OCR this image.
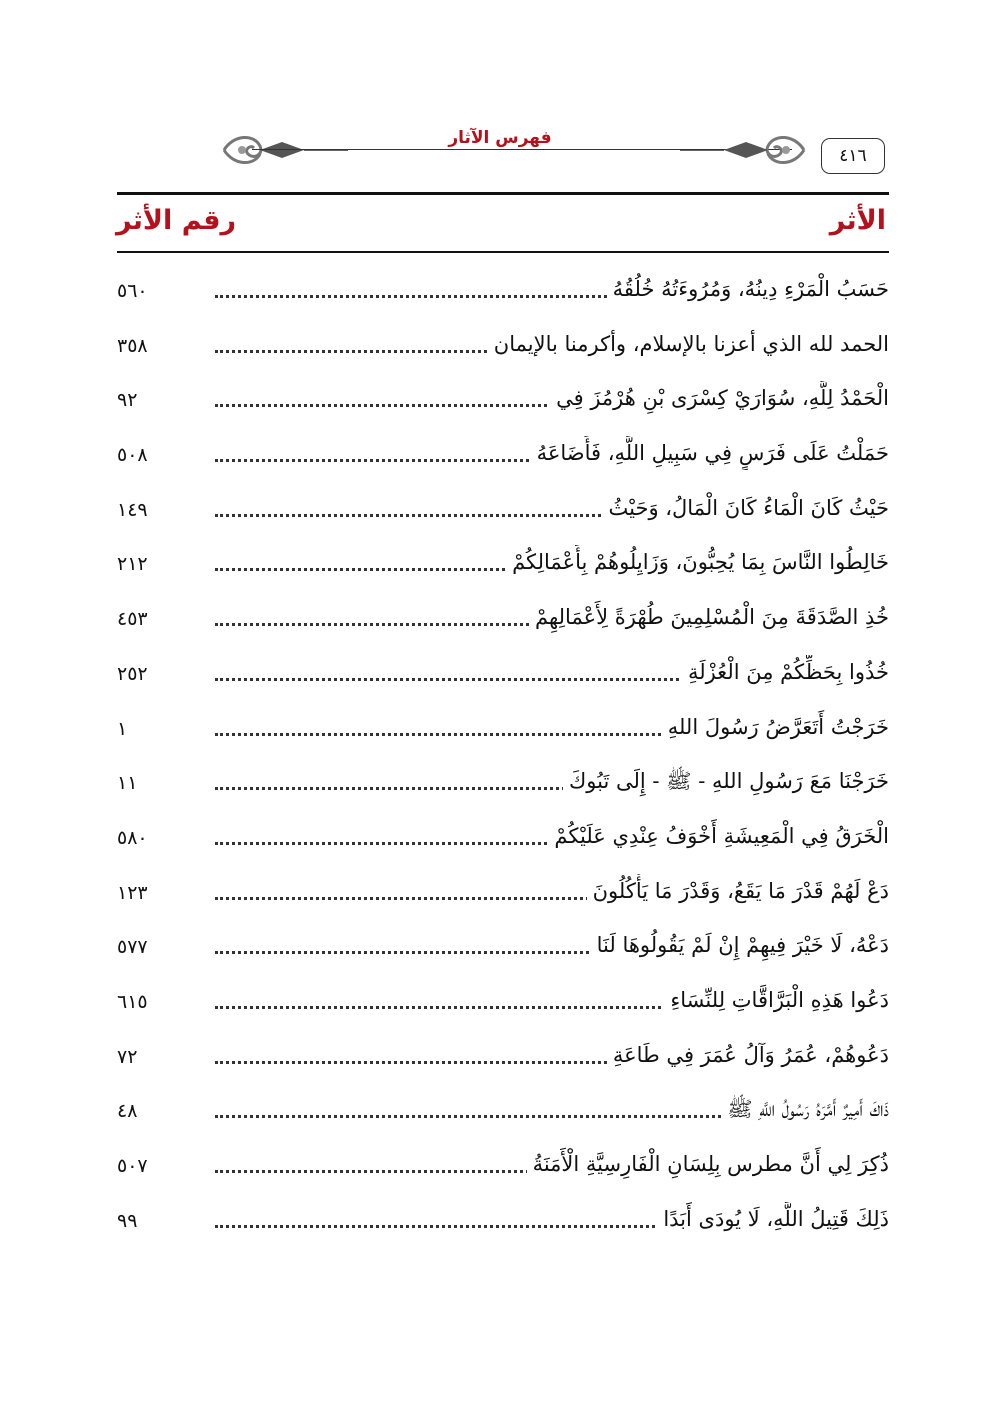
فهرس الآثار
٤١٦
الأثر
رقم الأثر
حَسَبُ الْمَرْءِ دِينُهُ، وَمُرُوءَتُهُ خُلُقُهُ
٥٦٠
الحمد لله الذي أعزنا بالإسلام، وأكرمنا بالإيمان
٣٥٨
الْحَمْدُ لِلَّهِ، سُوَارَيْ كِسْرَى بْنِ هُرْمُزَ فِي
٩٢
حَمَلْتُ عَلَى فَرَسٍ فِي سَبِيلِ اللَّهِ، فَأَضَاعَهُ
٥٠٨
حَيْثُ كَانَ الْمَاءُ كَانَ الْمَالُ، وَحَيْثُ
١٤٩
خَالِطُوا النَّاسَ بِمَا يُحِبُّونَ، وَزَايِلُوهُمْ بِأَعْمَالِكُمْ
٢١٢
خُذِ الصَّدَقَةَ مِنَ الْمُسْلِمِينَ طُهْرَةً لِأَعْمَالِهِمْ
٤٥٣
خُذُوا بِحَظِّكُمْ مِنَ الْعُزْلَةِ
٢٥٢
خَرَجْتُ أَتَعَرَّضُ رَسُولَ اللهِ
١
خَرَجْنَا مَعَ رَسُولِ اللهِ - ﷺ - إِلَى تَبُوكَ
١١
الْخَرَقُ فِي الْمَعِيشَةِ أَخْوَفُ عِنْدِي عَلَيْكُمْ
٥٨٠
دَعْ لَهُمْ قَدْرَ مَا يَقَعُ، وَقَدْرَ مَا يَأْكُلُونَ
١٢٣
دَعْهُ، لَا خَيْرَ فِيهِمْ إِنْ لَمْ يَقُولُوهَا لَنَا
٥٧٧
دَعُوا هَذِهِ الْبَرَّاقَّاتِ لِلنِّسَاءِ
٦١٥
دَعُوهُمْ، عُمَرُ وَآلُ عُمَرَ فِي طَاعَةِ
٧٢
ذَاكَ أَمِيرٌ أَمَّرَهُ رَسُولُ اللَّهِ ﷺ
٤٨
ذُكِرَ لِي أَنَّ مطرس بِلِسَانِ الْفَارِسِيَّةِ الْأَمَنَةُ
٥٠٧
ذَلِكَ قَتِيلُ اللَّهِ، لَا يُودَى أَبَدًا
٩٩
